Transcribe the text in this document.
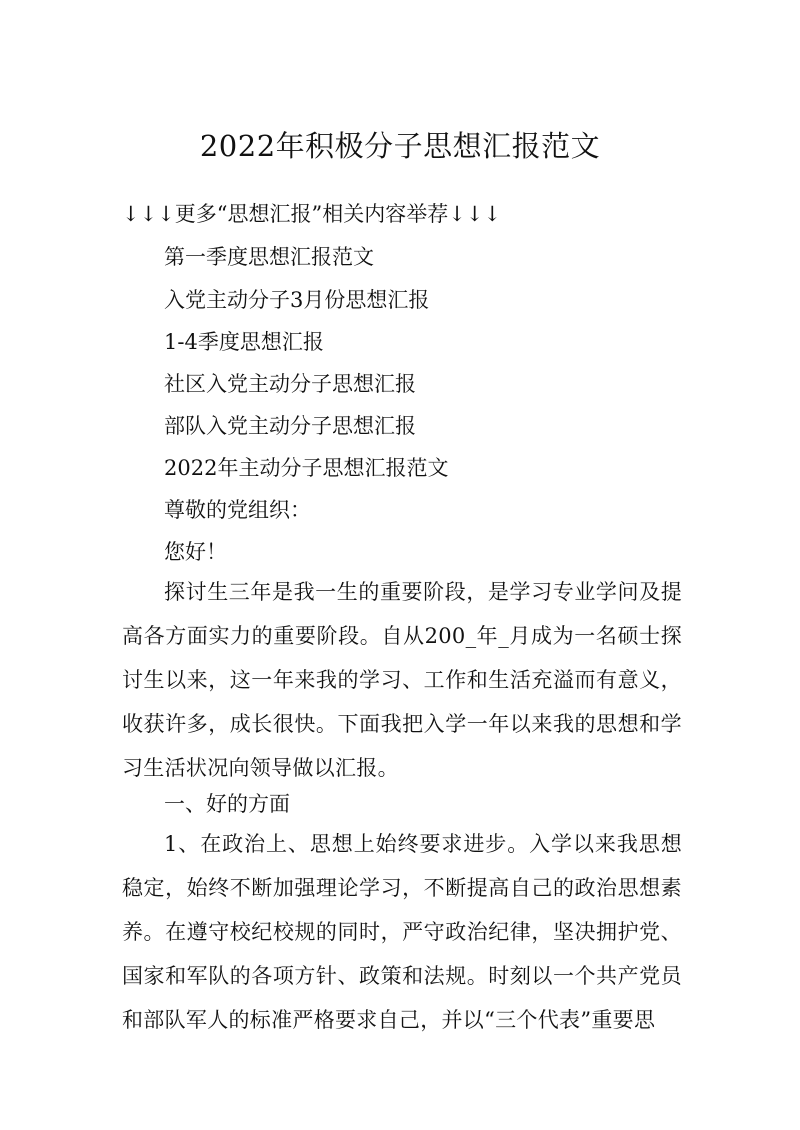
2022年积极分子思想汇报范文
↓↓↓更多“思想汇报”相关内容举荐↓↓↓
第一季度思想汇报范文
入党主动分子3月份思想汇报
1-4季度思想汇报
社区入党主动分子思想汇报
部队入党主动分子思想汇报
2022年主动分子思想汇报范文
尊敬的党组织：
您好！
探讨生三年是我一生的重要阶段，是学习专业学问及提高各方面实力的重要阶段。自从200_年_月成为一名硕士探讨生以来，这一年来我的学习、工作和生活充溢而有意义，收获许多，成长很快。下面我把入学一年以来我的思想和学习生活状况向领导做以汇报。
一、好的方面
1、在政治上、思想上始终要求进步。入学以来我思想稳定，始终不断加强理论学习，不断提高自己的政治思想素养。在遵守校纪校规的同时，严守政治纪律，坚决拥护党、国家和军队的各项方针、政策和法规。时刻以一个共产党员和部队军人的标准严格要求自己，并以“三个代表”重要思
